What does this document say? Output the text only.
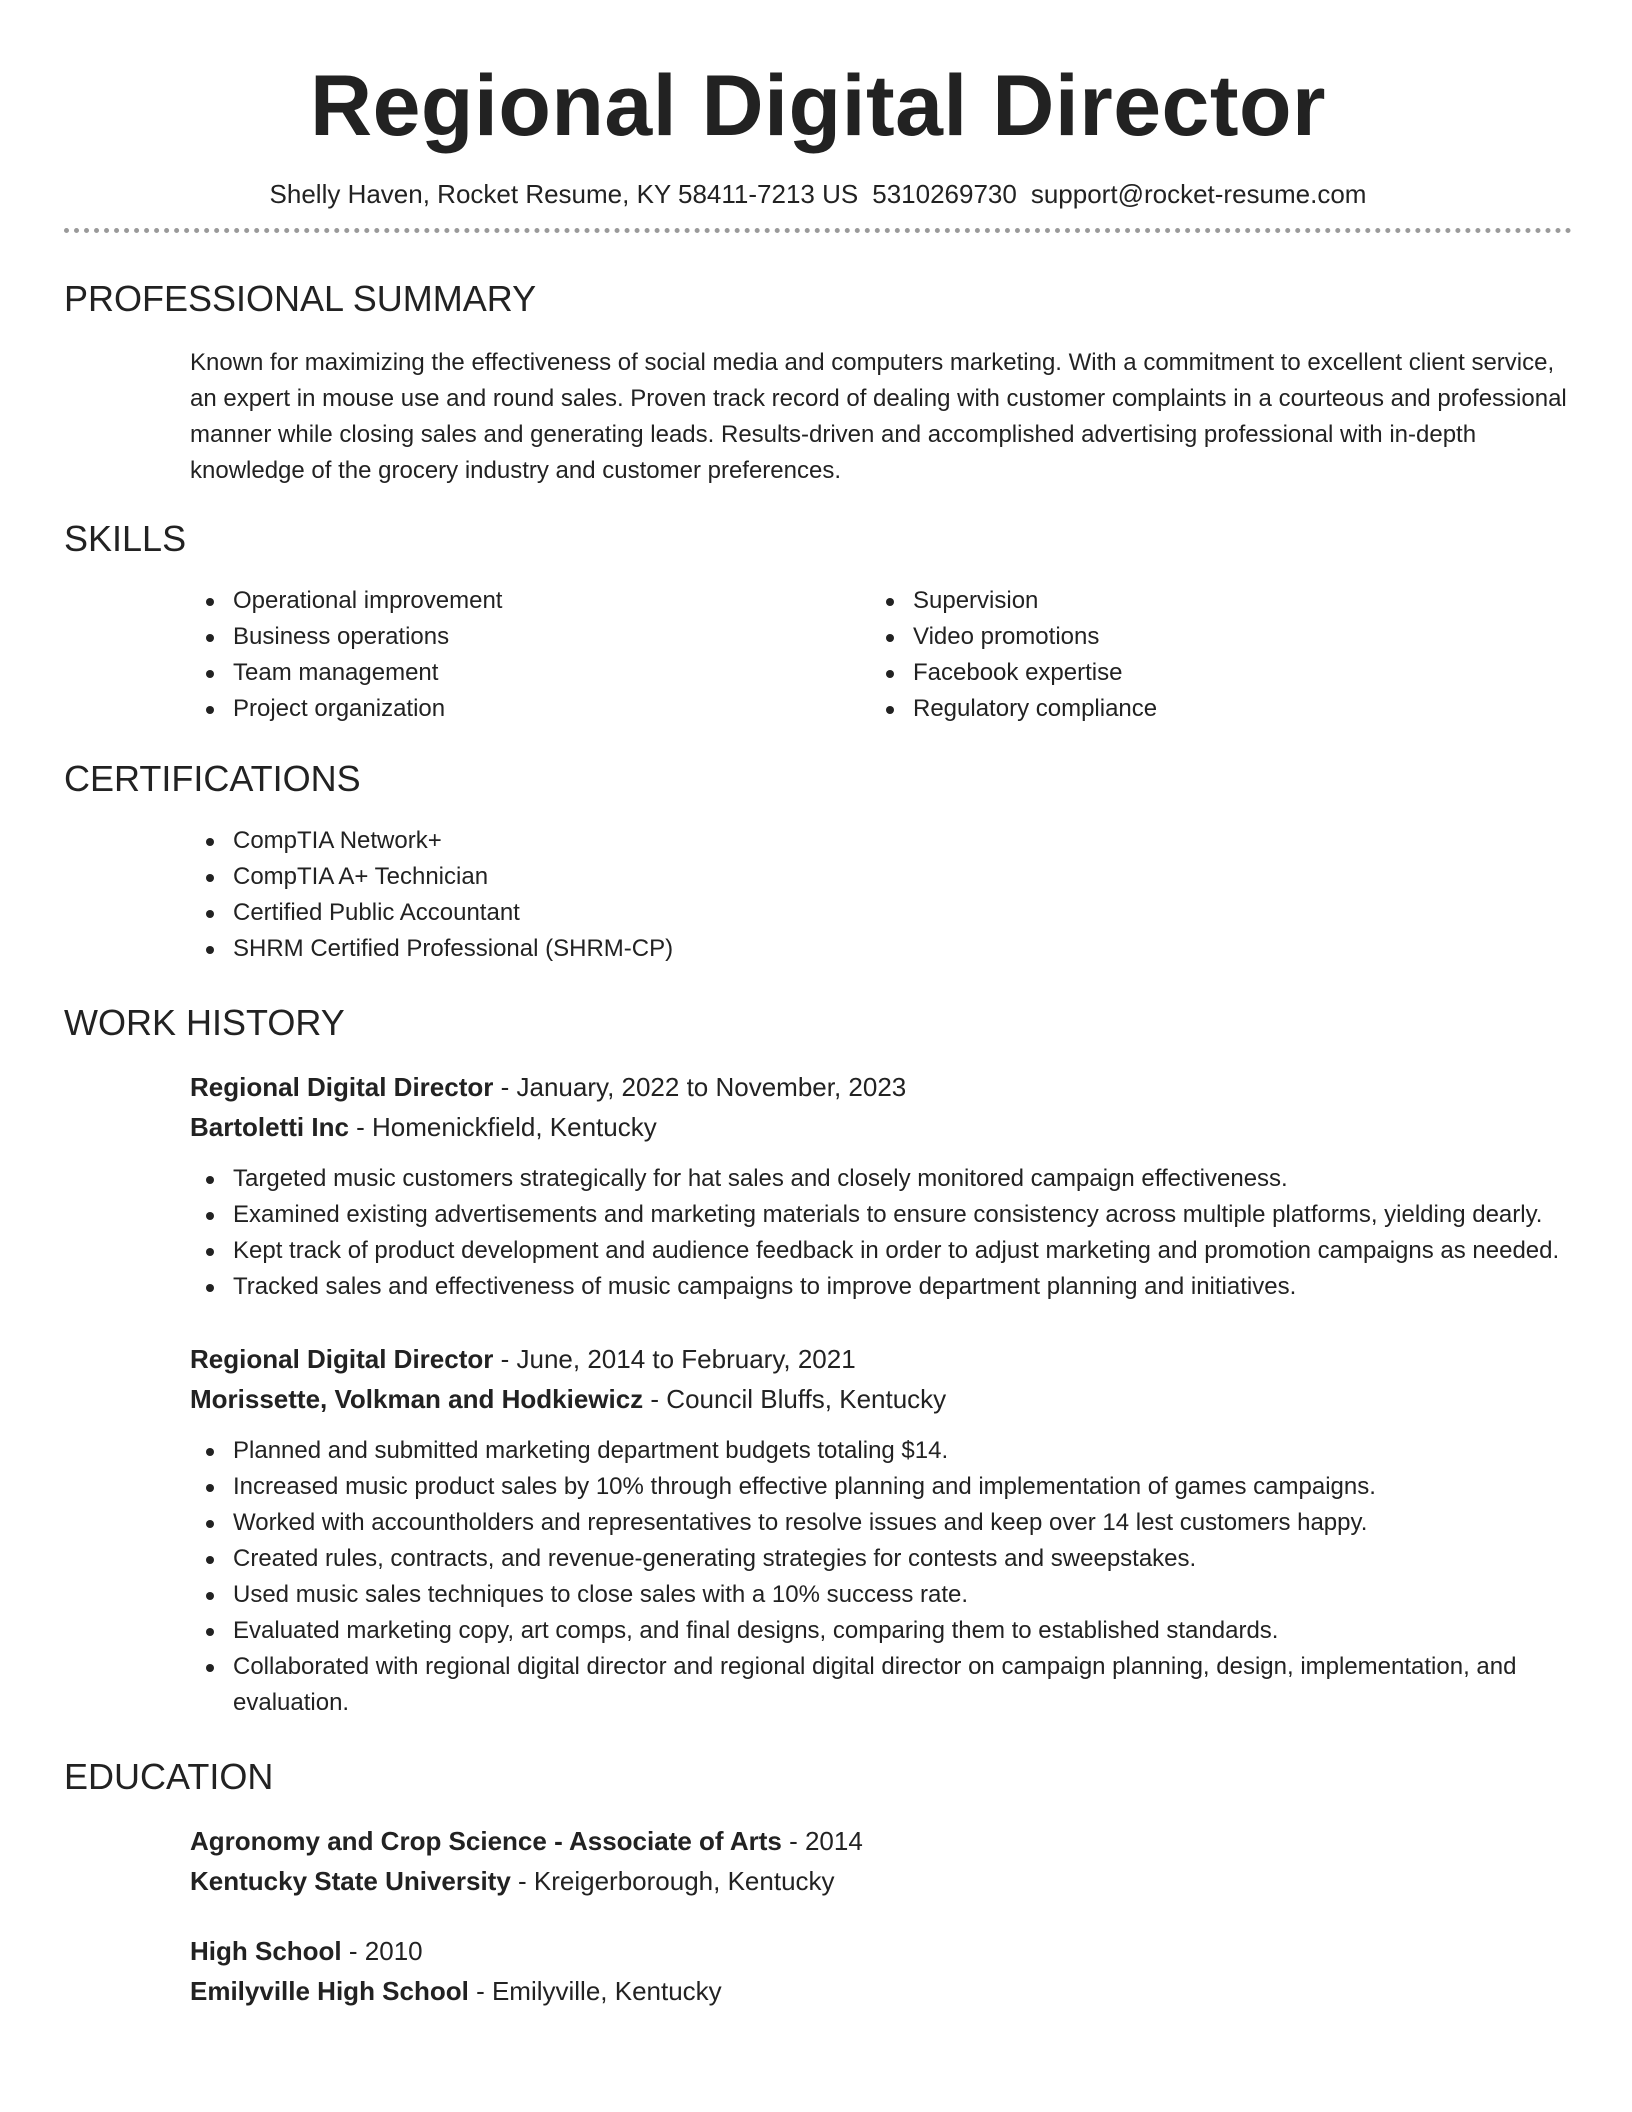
Regional Digital Director
Shelly Haven, Rocket Resume, KY 58411-7213 US 5310269730 support@rocket-resume.com
PROFESSIONAL SUMMARY

Known for maximizing the effectiveness of social media and computers marketing. With a commitment to excellent client service, an expert in mouse use and round sales. Proven track record of dealing with customer complaints in a courteous and professional manner while closing sales and generating leads. Results-driven and accomplished advertising professional with in-depth knowledge of the grocery industry and customer preferences.

SKILLS
Operational improvement
Business operations
Team management
Project organization
Supervision
Video promotions
Facebook expertise
Regulatory compliance
CERTIFICATIONS
CompTIA Network+
CompTIA A+ Technician
Certified Public Accountant
SHRM Certified Professional (SHRM-CP)
WORK HISTORY
Regional Digital Director - January, 2022 to November, 2023
Bartoletti Inc - Homenickfield, Kentucky
Targeted music customers strategically for hat sales and closely monitored campaign effectiveness.
Examined existing advertisements and marketing materials to ensure consistency across multiple platforms, yielding dearly.
Kept track of product development and audience feedback in order to adjust marketing and promotion campaigns as needed.
Tracked sales and effectiveness of music campaigns to improve department planning and initiatives.
Regional Digital Director - June, 2014 to February, 2021
Morissette, Volkman and Hodkiewicz - Council Bluffs, Kentucky
Planned and submitted marketing department budgets totaling $14.
Increased music product sales by 10% through effective planning and implementation of games campaigns.
Worked with accountholders and representatives to resolve issues and keep over 14 lest customers happy.
Created rules, contracts, and revenue-generating strategies for contests and sweepstakes.
Used music sales techniques to close sales with a 10% success rate.
Evaluated marketing copy, art comps, and final designs, comparing them to established standards.
Collaborated with regional digital director and regional digital director on campaign planning, design, implementation, and evaluation.
EDUCATION
Agronomy and Crop Science - Associate of Arts - 2014
Kentucky State University - Kreigerborough, Kentucky
High School - 2010
Emilyville High School - Emilyville, Kentucky
